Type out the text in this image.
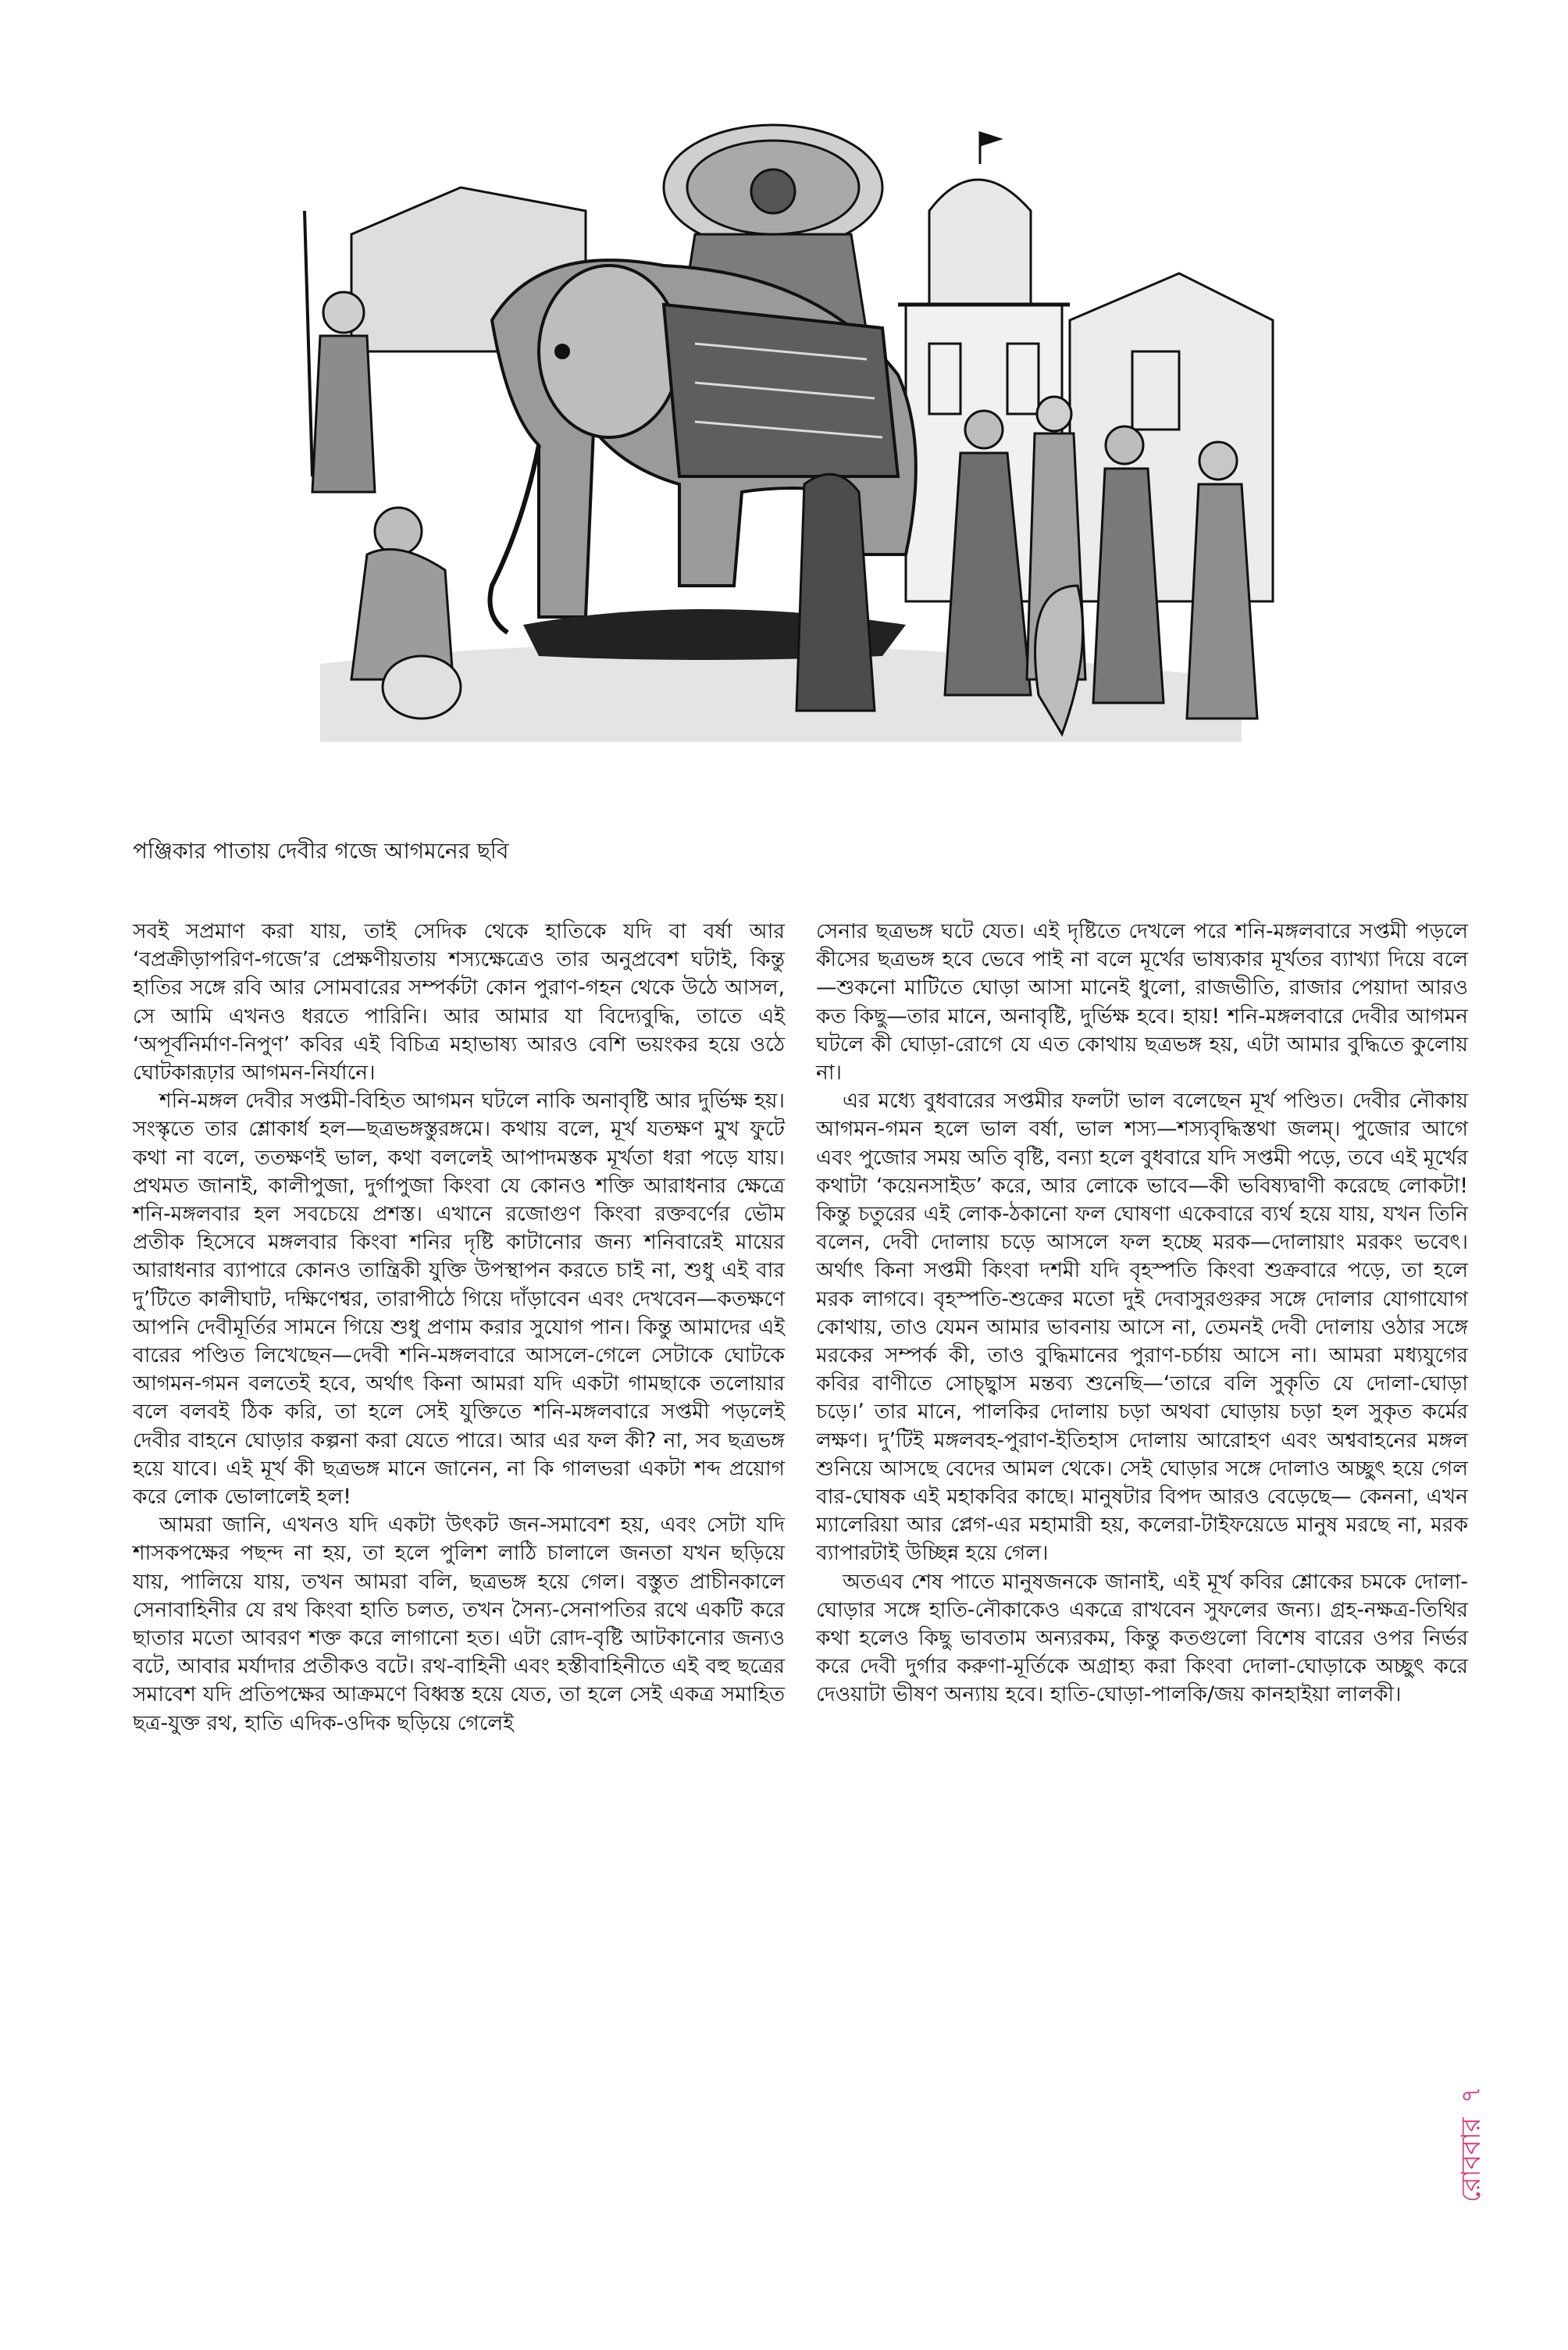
পঞ্জিকার পাতায় দেবীর গজে আগমনের ছবি

সবই সপ্রমাণ করা যায়, তাই সেদিক থেকে হাতিকে যদি বা বর্ষা আর ‘বপ্রক্রীড়াপরিণ-গজে’র প্রেক্ষণীয়তায় শস্যক্ষেত্রেও তার অনুপ্রবেশ ঘটাই, কিন্তু হাতির সঙ্গে রবি আর সোমবারের সম্পর্কটা কোন পুরাণ-গহন থেকে উঠে আসল, সে আমি এখনও ধরতে পারিনি। আর আমার যা বিদ্যেবুদ্ধি, তাতে এই ‘অপূর্বনির্মাণ-নিপুণ’ কবির এই বিচিত্র মহাভাষ্য আরও বেশি ভয়ংকর হয়ে ওঠে ঘোটকারূঢ়ার আগমন-নির্যানে।

শনি-মঙ্গল দেবীর সপ্তমী-বিহিত আগমন ঘটলে নাকি অনাবৃষ্টি আর দুর্ভিক্ষ হয়। সংস্কৃতে তার শ্লোকার্ধ হল—ছত্রভঙ্গস্তুরঙ্গমে। কথায় বলে, মূর্খ যতক্ষণ মুখ ফুটে কথা না বলে, ততক্ষণই ভাল, কথা বললেই আপাদমস্তক মূর্খতা ধরা পড়ে যায়। প্রথমত জানাই, কালীপুজা, দুর্গাপুজা কিংবা যে কোনও শক্তি আরাধনার ক্ষেত্রে শনি-মঙ্গলবার হল সবচেয়ে প্রশস্ত। এখানে রজোগুণ কিংবা রক্তবর্ণের ভৌম প্রতীক হিসেবে মঙ্গলবার কিংবা শনির দৃষ্টি কাটানোর জন্য শনিবারেই মায়ের আরাধনার ব্যাপারে কোনও তান্ত্রিকী যুক্তি উপস্থাপন করতে চাই না, শুধু এই বার দু’টিতে কালীঘাট, দক্ষিণেশ্বর, তারাপীঠে গিয়ে দাঁড়াবেন এবং দেখবেন—কতক্ষণে আপনি দেবীমূর্তির সামনে গিয়ে শুধু প্রণাম করার সুযোগ পান। কিন্তু আমাদের এই বারের পণ্ডিত লিখেছেন—দেবী শনি-মঙ্গলবারে আসলে-গেলে সেটাকে ঘোটকে আগমন-গমন বলতেই হবে, অর্থাৎ কিনা আমরা যদি একটা গামছাকে তলোয়ার বলে বলবই ঠিক করি, তা হলে সেই যুক্তিতে শনি-মঙ্গলবারে সপ্তমী পড়লেই দেবীর বাহনে ঘোড়ার কল্পনা করা যেতে পারে। আর এর ফল কী? না, সব ছত্রভঙ্গ হয়ে যাবে। এই মূর্খ কী ছত্রভঙ্গ মানে জানেন, না কি গালভরা একটা শব্দ প্রয়োগ করে লোক ভোলালেই হল!

আমরা জানি, এখনও যদি একটা উৎকট জন-সমাবেশ হয়, এবং সেটা যদি শাসকপক্ষের পছন্দ না হয়, তা হলে পুলিশ লাঠি চালালে জনতা যখন ছড়িয়ে যায়, পালিয়ে যায়, তখন আমরা বলি, ছত্রভঙ্গ হয়ে গেল। বস্তুত প্রাচীনকালে সেনাবাহিনীর যে রথ কিংবা হাতি চলত, তখন সৈন্য-সেনাপতির রথে একটি করে ছাতার মতো আবরণ শক্ত করে লাগানো হত। এটা রোদ-বৃষ্টি আটকানোর জন্যও বটে, আবার মর্যাদার প্রতীকও বটে। রথ-বাহিনী এবং হস্তীবাহিনীতে এই বহু ছত্রের সমাবেশ যদি প্রতিপক্ষের আক্রমণে বিধ্বস্ত হয়ে যেত, তা হলে সেই একত্র সমাহিত ছত্র-যুক্ত রথ, হাতি এদিক-ওদিক ছড়িয়ে গেলেই

সেনার ছত্রভঙ্গ ঘটে যেত। এই দৃষ্টিতে দেখলে পরে শনি-মঙ্গলবারে সপ্তমী পড়লে কীসের ছত্রভঙ্গ হবে ভেবে পাই না বলে মূর্খের ভাষ্যকার মূর্খতর ব্যাখ্যা দিয়ে বলে—শুকনো মাটিতে ঘোড়া আসা মানেই ধুলো, রাজভীতি, রাজার পেয়াদা আরও কত কিছু—তার মানে, অনাবৃষ্টি, দুর্ভিক্ষ হবে। হায়! শনি-মঙ্গলবারে দেবীর আগমন ঘটলে কী ঘোড়া-রোগে যে এত কোথায় ছত্রভঙ্গ হয়, এটা আমার বুদ্ধিতে কুলোয় না।

এর মধ্যে বুধবারের সপ্তমীর ফলটা ভাল বলেছেন মূর্খ পণ্ডিত। দেবীর নৌকায় আগমন-গমন হলে ভাল বর্ষা, ভাল শস্য—শস্যবৃদ্ধিস্তথা জলম্‌। পুজোর আগে এবং পুজোর সময় অতি বৃষ্টি, বন্যা হলে বুধবারে যদি সপ্তমী পড়ে, তবে এই মূর্খের কথাটা ‘কয়েনসাইড’ করে, আর লোকে ভাবে—কী ভবিষ্যদ্বাণী করেছে লোকটা! কিন্তু চতুরের এই লোক-ঠকানো ফল ঘোষণা একেবারে ব্যর্থ হয়ে যায়, যখন তিনি বলেন, দেবী দোলায় চড়ে আসলে ফল হচ্ছে মরক—দোলায়াং মরকং ভবেৎ। অর্থাৎ কিনা সপ্তমী কিংবা দশমী যদি বৃহস্পতি কিংবা শুক্রবারে পড়ে, তা হলে মরক লাগবে। বৃহস্পতি-শুক্রের মতো দুই দেবাসুরগুরুর সঙ্গে দোলার যোগাযোগ কোথায়, তাও যেমন আমার ভাবনায় আসে না, তেমনই দেবী দোলায় ওঠার সঙ্গে মরকের সম্পর্ক কী, তাও বুদ্ধিমানের পুরাণ-চর্চায় আসে না। আমরা মধ্যযুগের কবির বাণীতে সোচ্ছ্বাস মন্তব্য শুনেছি—‘তারে বলি সুকৃতি যে দোলা-ঘোড়া চড়ে।’ তার মানে, পালকির দোলায় চড়া অথবা ঘোড়ায় চড়া হল সুকৃত কর্মের লক্ষণ। দু’টিই মঙ্গলবহ-পুরাণ-ইতিহাস দোলায় আরোহণ এবং অশ্ববাহনের মঙ্গল শুনিয়ে আসছে বেদের আমল থেকে। সেই ঘোড়ার সঙ্গে দোলাও অচ্ছুৎ হয়ে গেল বার-ঘোষক এই মহাকবির কাছে। মানুষটার বিপদ আরও বেড়েছে— কেননা, এখন ম্যালেরিয়া আর প্লেগ-এর মহামারী হয়, কলেরা-টাইফয়েডে মানুষ মরছে না, মরক ব্যাপারটাই উচ্ছিন্ন হয়ে গেল।

অতএব শেষ পাতে মানুষজনকে জানাই, এই মূর্খ কবির শ্লোকের চমকে দোলা-ঘোড়ার সঙ্গে হাতি-নৌকাকেও একত্রে রাখবেন সুফলের জন্য। গ্রহ-নক্ষত্র-তিথির কথা হলেও কিছু ভাবতাম অন্যরকম, কিন্তু কতগুলো বিশেষ বারের ওপর নির্ভর করে দেবী দুর্গার করুণা-মূর্তিকে অগ্রাহ্য করা কিংবা দোলা-ঘোড়াকে অচ্ছুৎ করে দেওয়াটা ভীষণ অন্যায় হবে। হাতি-ঘোড়া-পালকি/জয় কানহাইয়া লালকী।

রোববার৭
